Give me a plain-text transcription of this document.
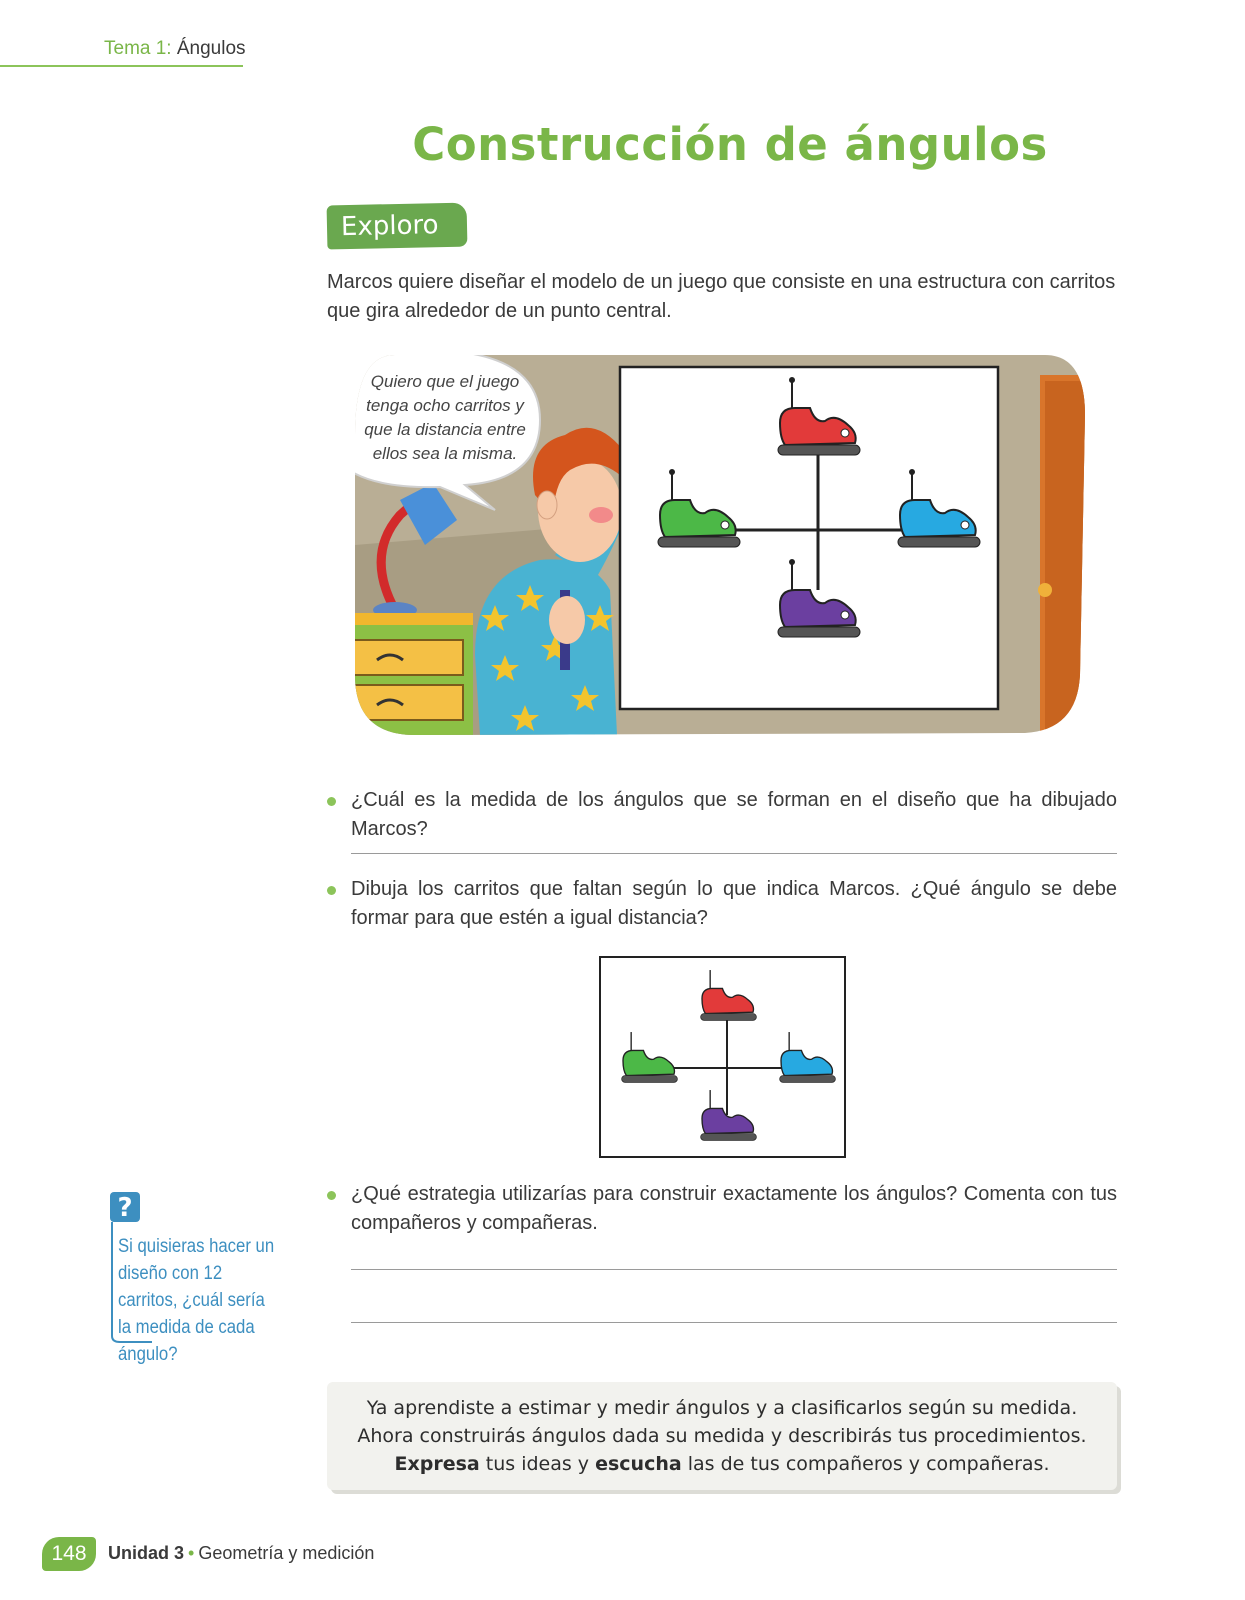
Tema 1: Ángulos
Construcción de ángulos
Exploro
Marcos quiere diseñar el modelo de un juego que consiste en una estructura con carritos que gira alrededor de un punto central.
Quiero que el juego
tenga ocho carritos y
que la distancia entre
ellos sea la misma.
¿Cuál es la medida de los ángulos que se forman en el diseño que ha dibujado Marcos?
Dibuja los carritos que faltan según lo que indica Marcos. ¿Qué ángulo se debe formar para que estén a igual distancia?
?
Si quisieras hacer un diseño con 12 carritos, ¿cuál sería la medida de cada ángulo?
¿Qué estrategia utilizarías para construir exactamente los ángulos? Comenta con tus compañeros y compañeras.

Ya aprendiste a estimar y medir ángulos y a clasificarlos según su medida.

Ahora construirás ángulos dada su medida y describirás tus procedimientos.

Expresa tus ideas y escucha las de tus compañeros y compañeras.

148	Unidad 3 • Geometría y medición
